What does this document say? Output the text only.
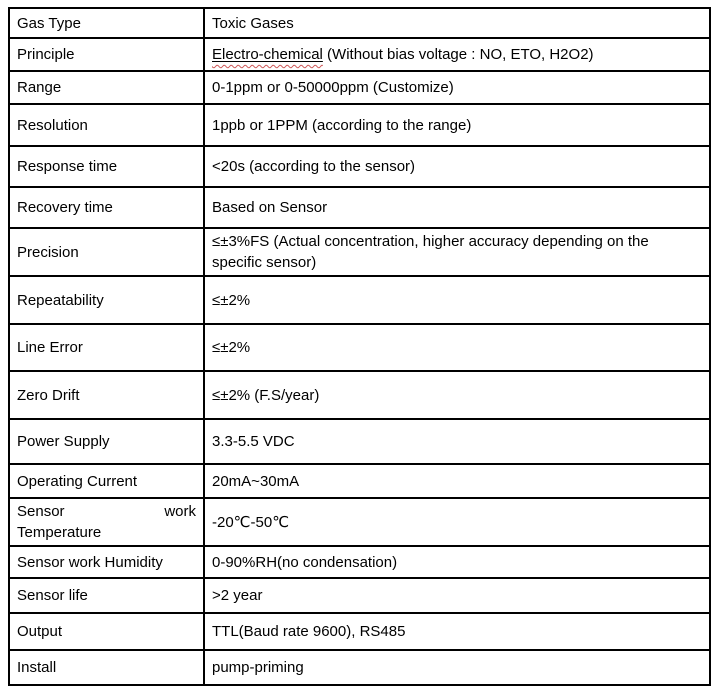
Gas Type	Toxic Gases
Principle	Electro-chemical (Without bias voltage : NO, ETO, H2O2)
Range	0-1ppm or 0-50000ppm (Customize)
Resolution	1ppb or 1PPM (according to the range)
Response time	<20s (according to the sensor)
Recovery time	Based on Sensor
Precision	≤±3%FS (Actual concentration, higher accuracy depending on the specific sensor)
Repeatability	≤±2%
Line Error	≤±2%
Zero Drift	≤±2% (F.S/year)
Power Supply	3.3-5.5 VDC
Operating Current	20mA~30mA

Sensor work
Temperature	-20℃-50℃
Sensor work Humidity	0-90%RH(no condensation)
Sensor life	>2 year
Output	TTL(Baud rate 9600), RS485
Install	pump-priming
